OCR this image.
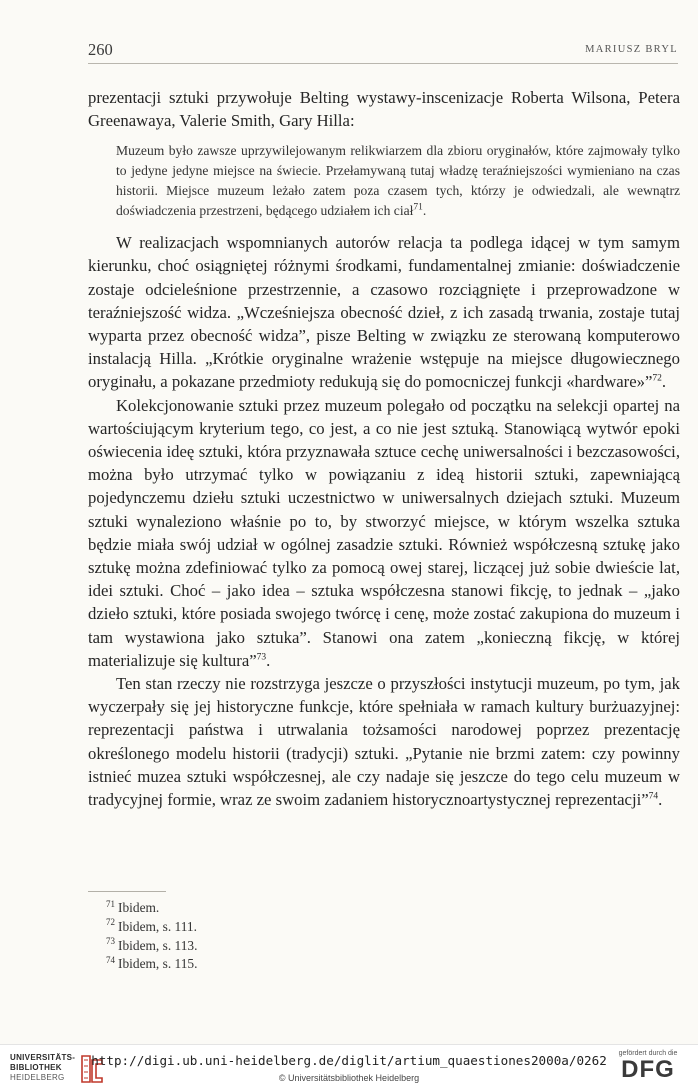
260	MARIUSZ BRYL

prezentacji sztuki przywołuje Belting wystawy-inscenizacje Roberta Wilsona, Petera Greenawaya, Valerie Smith, Gary Hilla:

Muzeum było zawsze uprzywilejowanym relikwiarzem dla zbioru oryginałów, które zajmowały tylko to jedyne jedyne miejsce na świecie. Przełamywaną tutaj władzę teraźniejszości wymieniano na czas historii. Miejsce muzeum leżało zatem poza czasem tych, którzy je odwiedzali, ale wewnątrz doświadczenia przestrzeni, będącego udziałem ich ciał$^{71}$.

W realizacjach wspomnianych autorów relacja ta podlega idącej w tym samym kierunku, choć osiągniętej różnymi środkami, fundamentalnej zmianie: doświadczenie zostaje odcieleśnione przestrzennie, a czasowo rozciągnięte i przeprowadzone w teraźniejszość widza. „Wcześniejsza obecność dzieł, z ich zasadą trwania, zostaje tutaj wyparta przez obecność widza”, pisze Belting w związku ze sterowaną komputerowo instalacją Hilla. „Krótkie oryginalne wrażenie wstępuje na miejsce długowiecznego oryginału, a pokazane przedmioty redukują się do pomocniczej funkcji «hardware»”$^{72}$.

Kolekcjonowanie sztuki przez muzeum polegało od początku na selekcji opartej na wartościującym kryterium tego, co jest, a co nie jest sztuką. Stanowiącą wytwór epoki oświecenia ideę sztuki, która przyznawała sztuce cechę uniwersalności i bezczasowości, można było utrzymać tylko w powiązaniu z ideą historii sztuki, zapewniającą pojedynczemu dziełu sztuki uczestnictwo w uniwersalnych dziejach sztuki. Muzeum sztuki wynaleziono właśnie po to, by stworzyć miejsce, w którym wszelka sztuka będzie miała swój udział w ogólnej zasadzie sztuki. Również współczesną sztukę jako sztukę można zdefiniować tylko za pomocą owej starej, liczącej już sobie dwieście lat, idei sztuki. Choć – jako idea – sztuka współczesna stanowi fikcję, to jednak – „jako dzieło sztuki, które posiada swojego twórcę i cenę, może zostać zakupiona do muzeum i tam wystawiona jako sztuka”. Stanowi ona zatem „konieczną fikcję, w której materializuje się kultura”$^{73}$.

Ten stan rzeczy nie rozstrzyga jeszcze o przyszłości instytucji muzeum, po tym, jak wyczerpały się jej historyczne funkcje, które spełniała w ramach kultury burżuazyjnej: reprezentacji państwa i utrwalania tożsamości narodowej poprzez prezentację określonego modelu historii (tradycji) sztuki. „Pytanie nie brzmi zatem: czy powinny istnieć muzea sztuki współczesnej, ale czy nadaje się jeszcze do tego celu muzeum w tradycyjnej formie, wraz ze swoim zadaniem historycznoartystycznej reprezentacji”$^{74}$.

$^{71}$ Ibidem.
$^{72}$ Ibidem, s. 111.
$^{73}$ Ibidem, s. 113.
$^{74}$ Ibidem, s. 115.
UNIVERSITÄTS-
BIBLIOTHEK
HEIDELBERG
http://digi.ub.uni-heidelberg.de/diglit/artium_quaestiones2000a/0262
© Universitätsbibliothek Heidelberg
gefördert durch die
DFG
